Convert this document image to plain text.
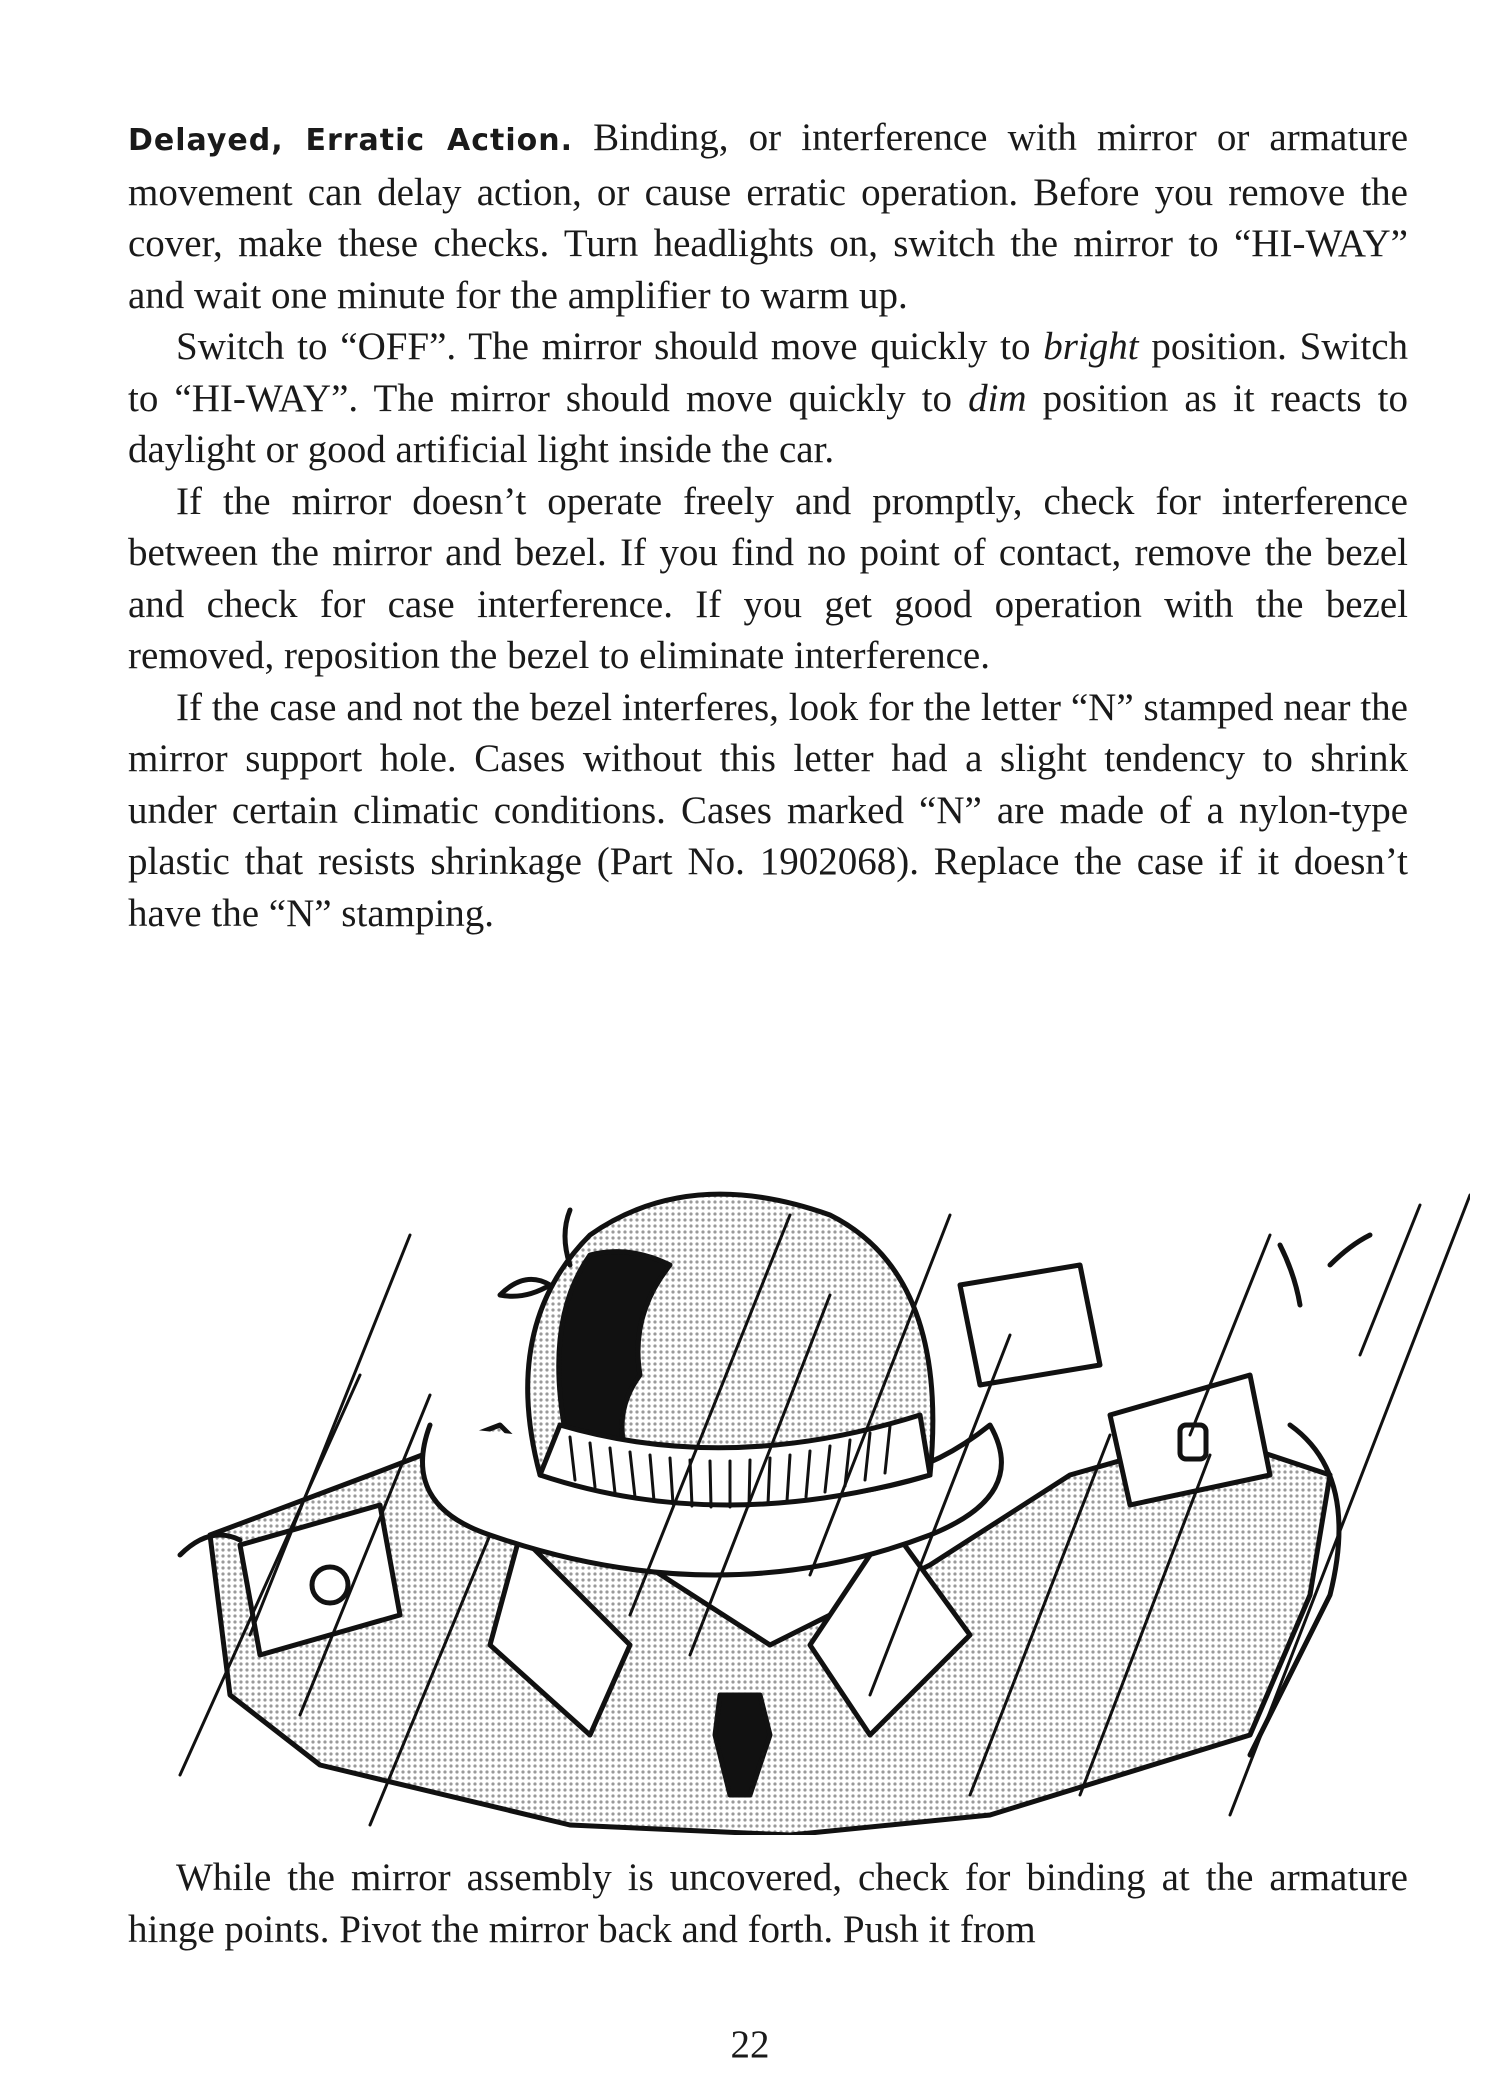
Delayed, Erratic Action. Binding, or interference with mirror or armature movement can delay action, or cause erratic operation. Before you remove the cover, make these checks. Turn headlights on, switch the mirror to “HI-WAY” and wait one minute for the amplifier to warm up.

Switch to “OFF”. The mirror should move quickly to bright position. Switch to “HI-WAY”. The mirror should move quickly to dim position as it reacts to daylight or good artificial light inside the car.

If the mirror doesn’t operate freely and promptly, check for interference between the mirror and bezel. If you find no point of contact, remove the bezel and check for case interference. If you get good operation with the bezel removed, reposition the bezel to eliminate interference.

If the case and not the bezel interferes, look for the letter “N” stamped near the mirror support hole. Cases without this letter had a slight tendency to shrink under certain climatic conditions. Cases marked “N” are made of a nylon-type plastic that resists shrinkage (Part No. 1902068). Replace the case if it doesn’t have the “N” stamping.

While the mirror assembly is uncovered, check for binding at the armature hinge points. Pivot the mirror back and forth. Push it from

22
